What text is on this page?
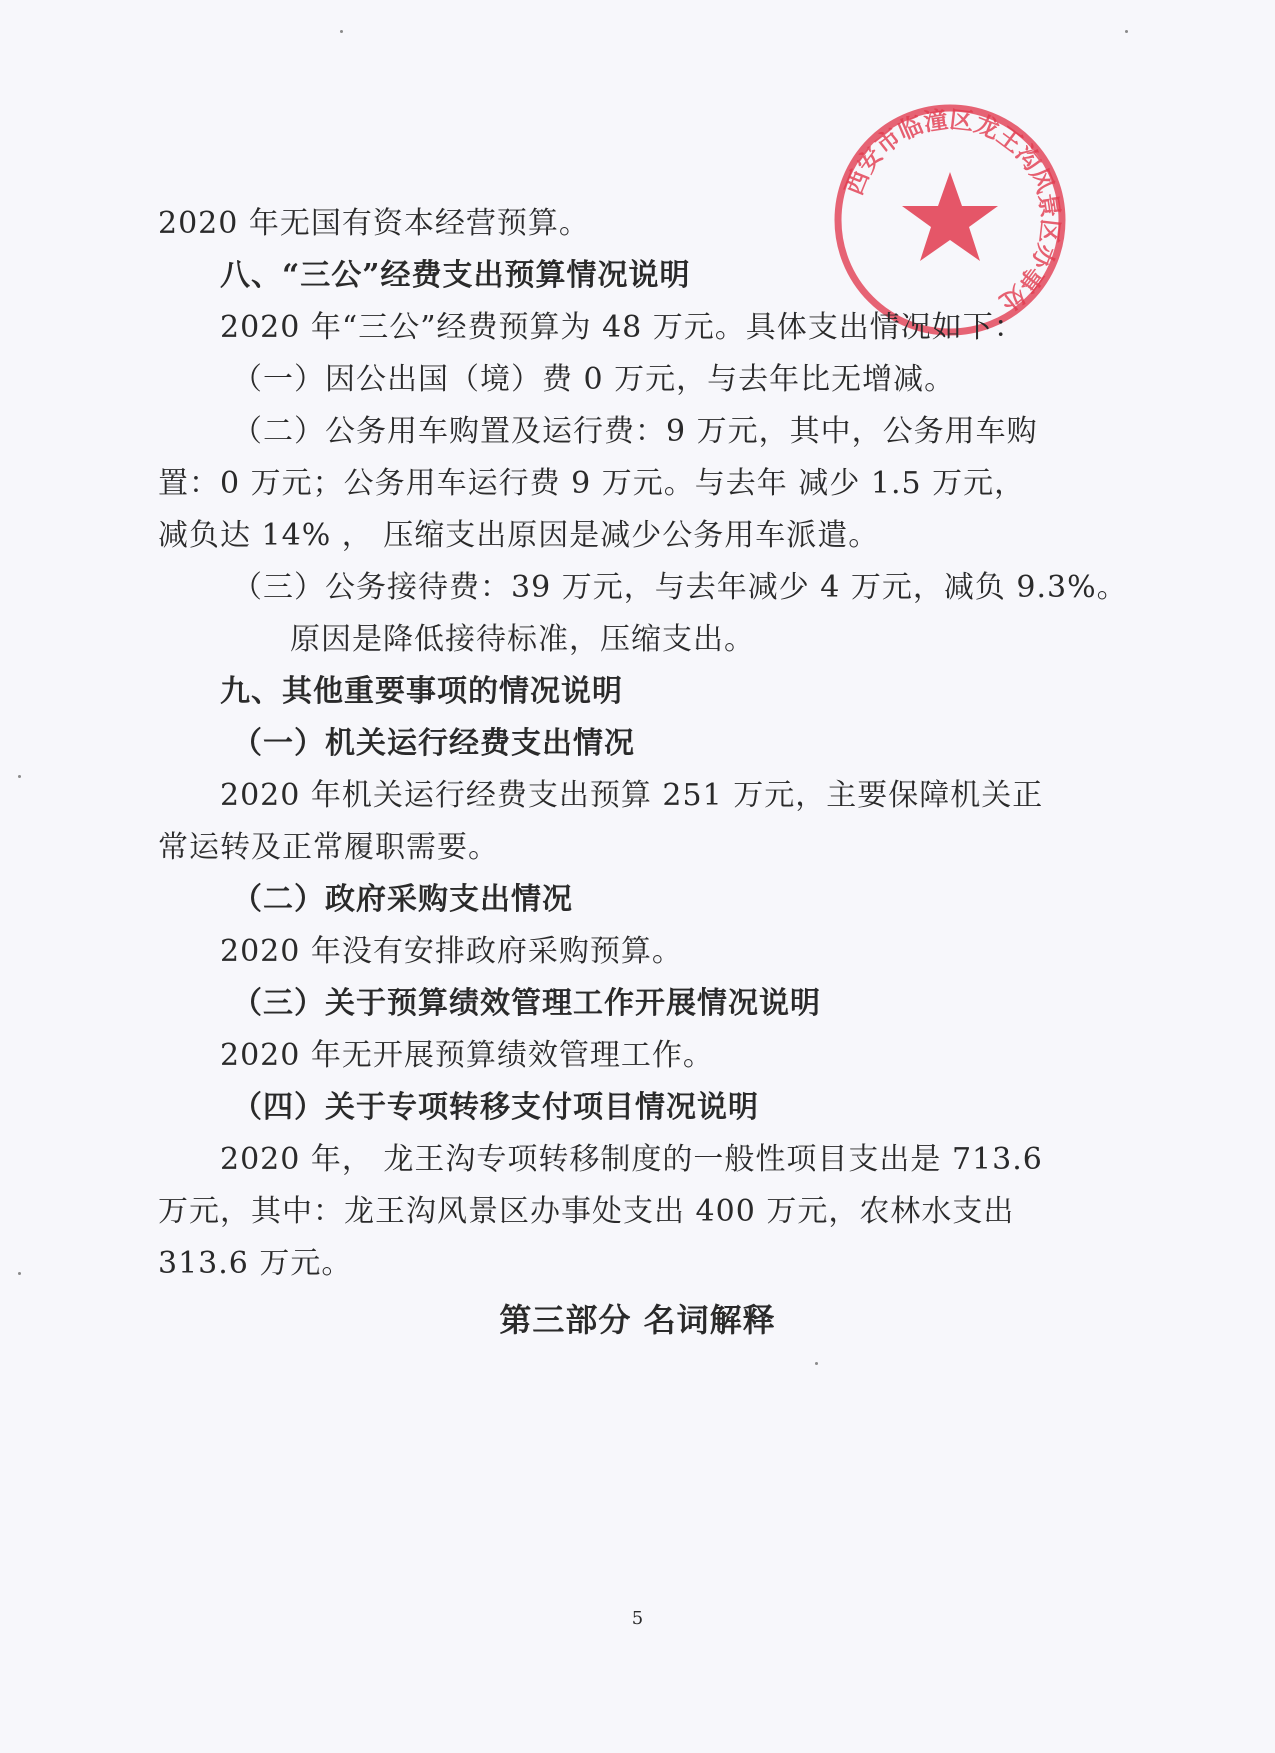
西安市临潼区龙王沟风景区办事处
2020 年无国有资本经营预算。
八、“三公”经费支出预算情况说明
2020 年“三公”经费预算为 48 万元。具体支出情况如下：
（一）因公出国（境）费 0 万元，与去年比无增减。
（二）公务用车购置及运行费：9 万元，其中，公务用车购
置：0 万元；公务用车运行费 9 万元。与去年 减少 1.5 万元，
减负达 14% ， 压缩支出原因是减少公务用车派遣。
（三）公务接待费：39 万元，与去年减少 4 万元，减负 9.3%。
原因是降低接待标准，压缩支出。
九、其他重要事项的情况说明
（一）机关运行经费支出情况
2020 年机关运行经费支出预算 251 万元，主要保障机关正
常运转及正常履职需要。
（二）政府采购支出情况
2020 年没有安排政府采购预算。
（三）关于预算绩效管理工作开展情况说明
2020 年无开展预算绩效管理工作。
（四）关于专项转移支付项目情况说明
2020 年， 龙王沟专项转移制度的一般性项目支出是 713.6
万元，其中：龙王沟风景区办事处支出 400 万元，农林水支出
313.6 万元。
第三部分 名词解释
5
